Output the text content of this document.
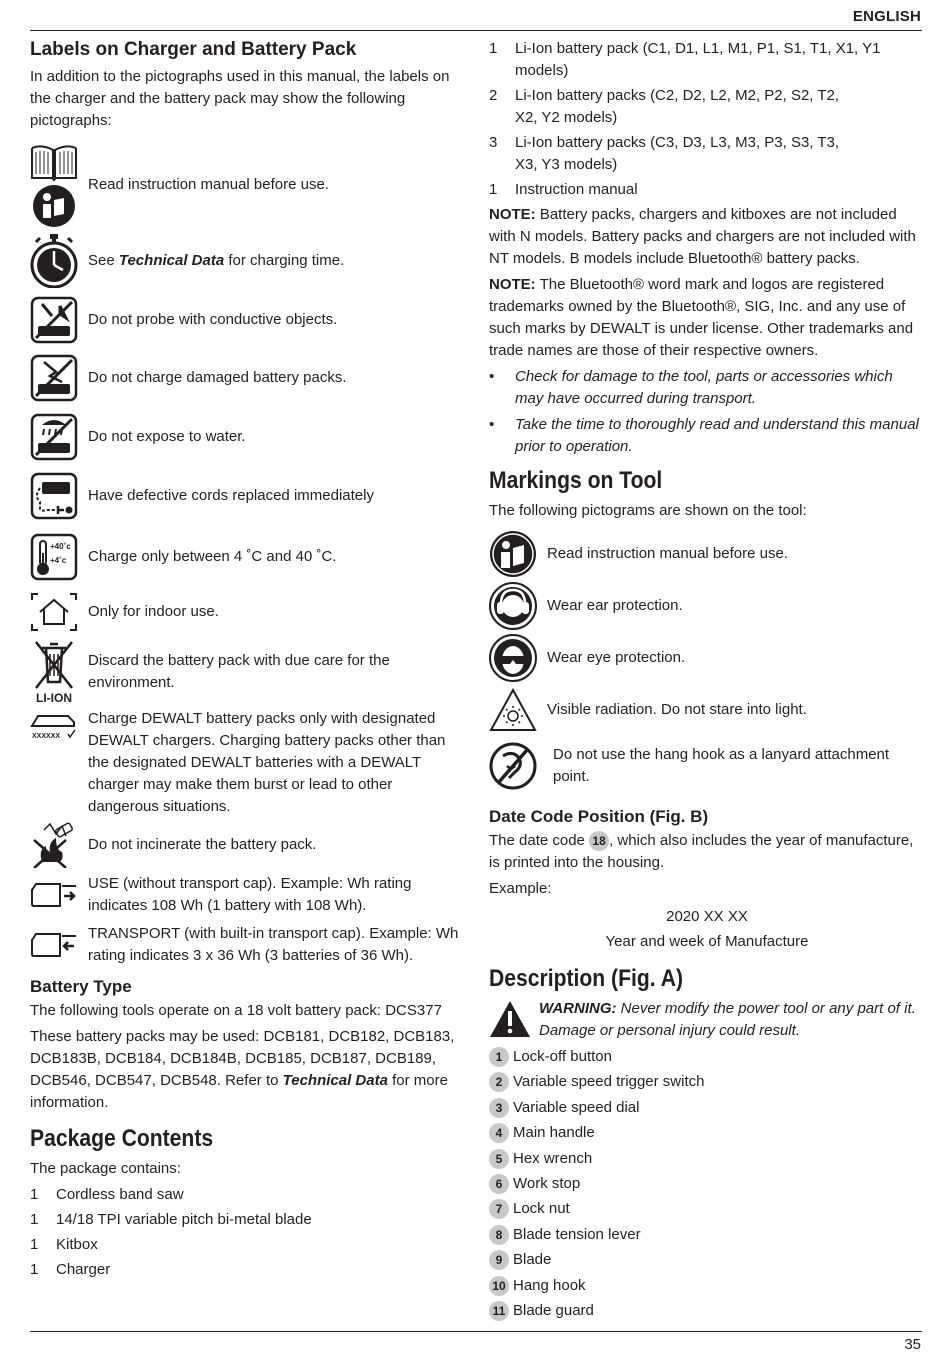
ENGLISH
Labels on Charger and Battery Pack

In addition to the pictographs used in this manual, the labels on the charger and the battery pack may show the following pictographs:

Read instruction manual before use.
See Technical Data for charging time.
Do not probe with conductive objects.
Do not charge damaged battery packs.
Do not expose to water.
Have defective cords replaced immediately
+40˚c
+4˚c	Charge only between 4 ˚C and 40 ˚C.
Only for indoor use.
LI-ION
Discard the battery pack with due care for the environment.
XXXXXX
Charge DEWALT battery packs only with designated DEWALT chargers. Charging battery packs other than the designated DEWALT batteries with a DEWALT charger may make them burst or lead to other dangerous situations.
Do not incinerate the battery pack.
USE (without transport cap). Example: Wh rating indicates 108 Wh (1 battery with 108 Wh).
TRANSPORT (with built-in transport cap). Example: Wh rating indicates 3 x 36 Wh (3 batteries of 36 Wh).
Battery Type

The following tools operate on a 18 volt battery pack: DCS377

These battery packs may be used: DCB181, DCB182, DCB183, DCB183B, DCB184, DCB184B, DCB185, DCB187, DCB189, DCB546, DCB547, DCB548. Refer to Technical Data for more information.

Package Contents

The package contains:

1	Cordless band saw
1	14/18 TPI variable pitch bi-metal blade
1	Kitbox
1	Charger
1	Li-Ion battery pack (C1, D1, L1, M1, P1, S1, T1, X1, Y1 models)
2	Li-Ion battery packs (C2, D2, L2, M2, P2, S2, T2, X2, Y2 models)
3	Li-Ion battery packs (C3, D3, L3, M3, P3, S3, T3, X3, Y3 models)
1	Instruction manual

NOTE: Battery packs, chargers and kitboxes are not included with N models. Battery packs and chargers are not included with NT models. B models include Bluetooth® battery packs.

NOTE: The Bluetooth® word mark and logos are registered trademarks owned by the Bluetooth®, SIG, Inc. and any use of such marks by DEWALT is under license. Other trademarks and trade names are those of their respective owners.

•	Check for damage to the tool, parts or accessories which may have occurred during transport.
•	Take the time to thoroughly read and understand this manual prior to operation.
Markings on Tool

The following pictograms are shown on the tool:

Read instruction manual before use.
Wear ear protection.
Wear eye protection.
Visible radiation. Do not stare into light.
Do not use the hang hook as a lanyard attachment point.
Date Code Position (Fig. B)

The date code 18 , which also includes the year of manufacture, is printed into the housing.

Example:

2020 XX XX
Year and week of Manufacture
Description (Fig. A)
WARNING: Never modify the power tool or any part of it. Damage or personal injury could result.
1 Lock-off button
2 Variable speed trigger switch
3 Variable speed dial
4 Main handle
5 Hex wrench
6 Work stop
7 Lock nut
8 Blade tension lever
9 Blade
10 Hang hook
11 Blade guard
35
